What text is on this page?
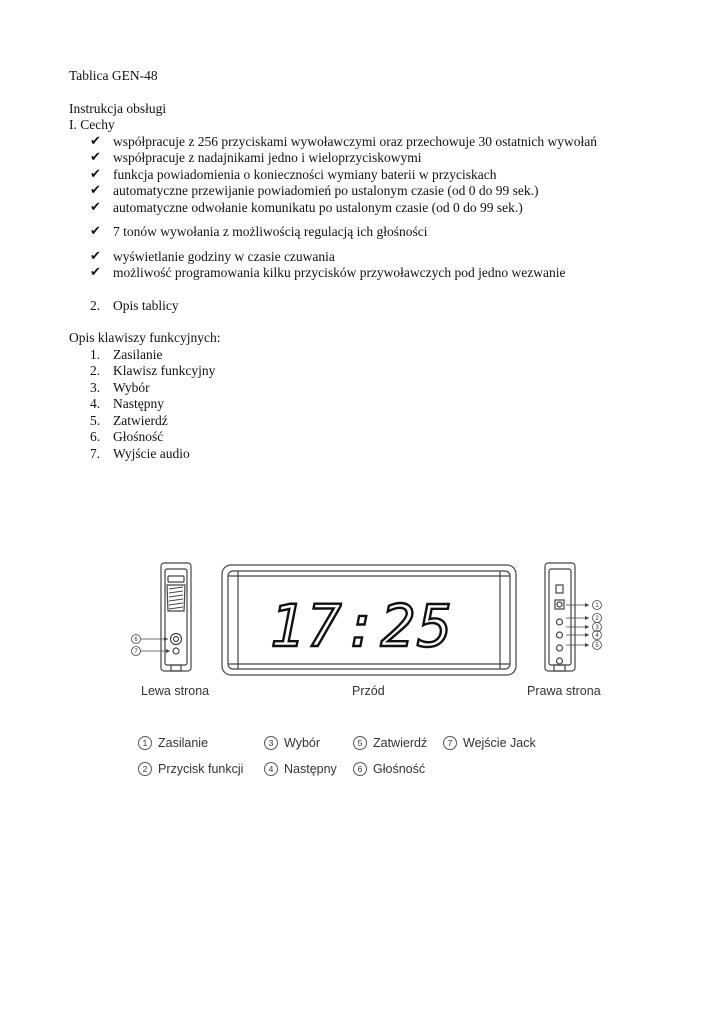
Tablica GEN-48

Instrukcja obsługi

I. Cechy

✔ współpracuje z 256 przyciskami wywoławczymi oraz przechowuje 30 ostatnich wywołań
✔ współpracuje z nadajnikami jedno i wieloprzyciskowymi
✔ funkcja powiadomienia o konieczności wymiany baterii w przyciskach
✔ automatyczne przewijanie powiadomień po ustalonym czasie (od 0 do 99 sek.)
✔ automatyczne odwołanie komunikatu po ustalonym czasie (od 0 do 99 sek.)
✔ 7 tonów wywołania z możliwością regulacją ich głośności
✔ wyświetlanie godziny w czasie czuwania
✔ możliwość programowania kilku przycisków przywoławczych pod jedno wezwanie
2. Opis tablicy

Opis klawiszy funkcyjnych:

1. Zasilanie
2. Klawisz funkcyjny
3. Wybór
4. Następny
5. Zatwierdź
6. Głośność
7. Wyjście audio
6
7
1
2
3
4
5
17:25
Lewa strona	Przód	Prawa strona
1 Zasilanie	3 Wybór	5 Zatwierdź	7 Wejście Jack
2 Przycisk funkcji	4 Następny	6 Głośność
